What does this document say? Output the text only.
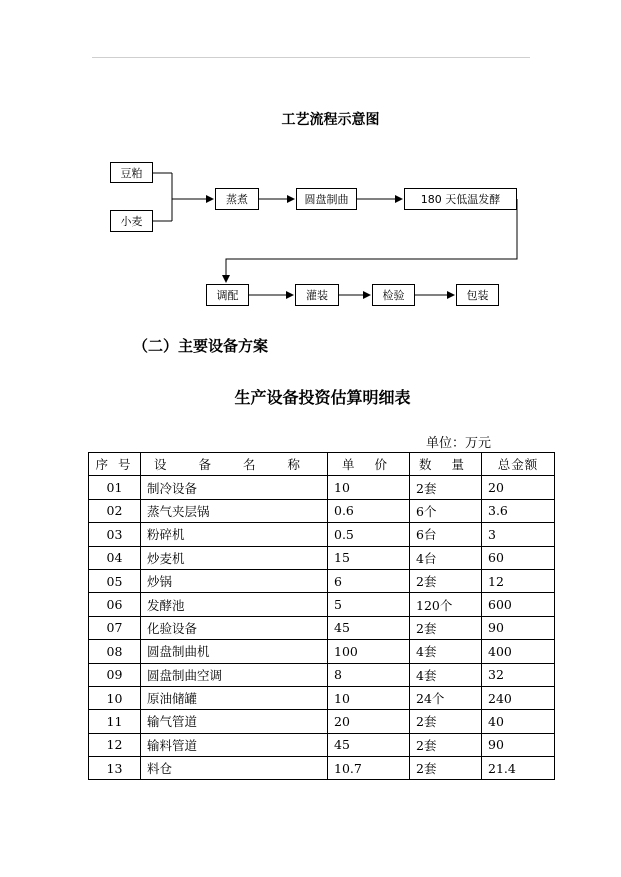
工艺流程示意图
豆粕
小麦
蒸煮	圆盘制曲	180 天低温发酵
调配	灌装	检验	包装
（二）主要设备方案
生产设备投资估算明细表
单位：万元
序 号	设 备 名 称	单 价	数 量	总金额
01	制冷设备	10	2套	20
02	蒸气夹层锅	0.6	6个	3.6
03	粉碎机	0.5	6台	3
04	炒麦机	15	4台	60
05	炒锅	6	2套	12
06	发酵池	5	120个	600
07	化验设备	45	2套	90
08	圆盘制曲机	100	4套	400
09	圆盘制曲空调	8	4套	32
10	原油储罐	10	24个	240
11	输气管道	20	2套	40
12	输料管道	45	2套	90
13	料仓	10.7	2套	21.4
